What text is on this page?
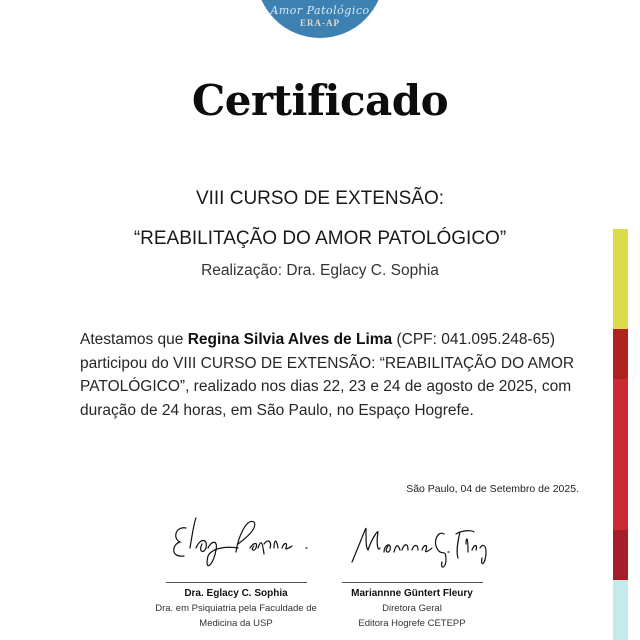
Amor Patológico
ERA-AP
Certificado
VIII CURSO DE EXTENSÃO:
“REABILITAÇÃO DO AMOR PATOLÓGICO”
Realização: Dra. Eglacy C. Sophia
Atestamos que Regina Silvia Alves de Lima (CPF: 041.095.248-65) participou do VIII CURSO DE EXTENSÃO: “REABILITAÇÃO DO AMOR PATOLÓGICO”, realizado nos dias 22, 23 e 24 de agosto de 2025, com duração de 24 horas, em São Paulo, no Espaço Hogrefe.
São Paulo, 04 de Setembro de 2025.
Dra. Eglacy C. Sophia
Dra. em Psiquiatria pela Faculdade de
Medicina da USP
Mariannne Güntert Fleury
Diretora Geral
Editora Hogrefe CETEPP
